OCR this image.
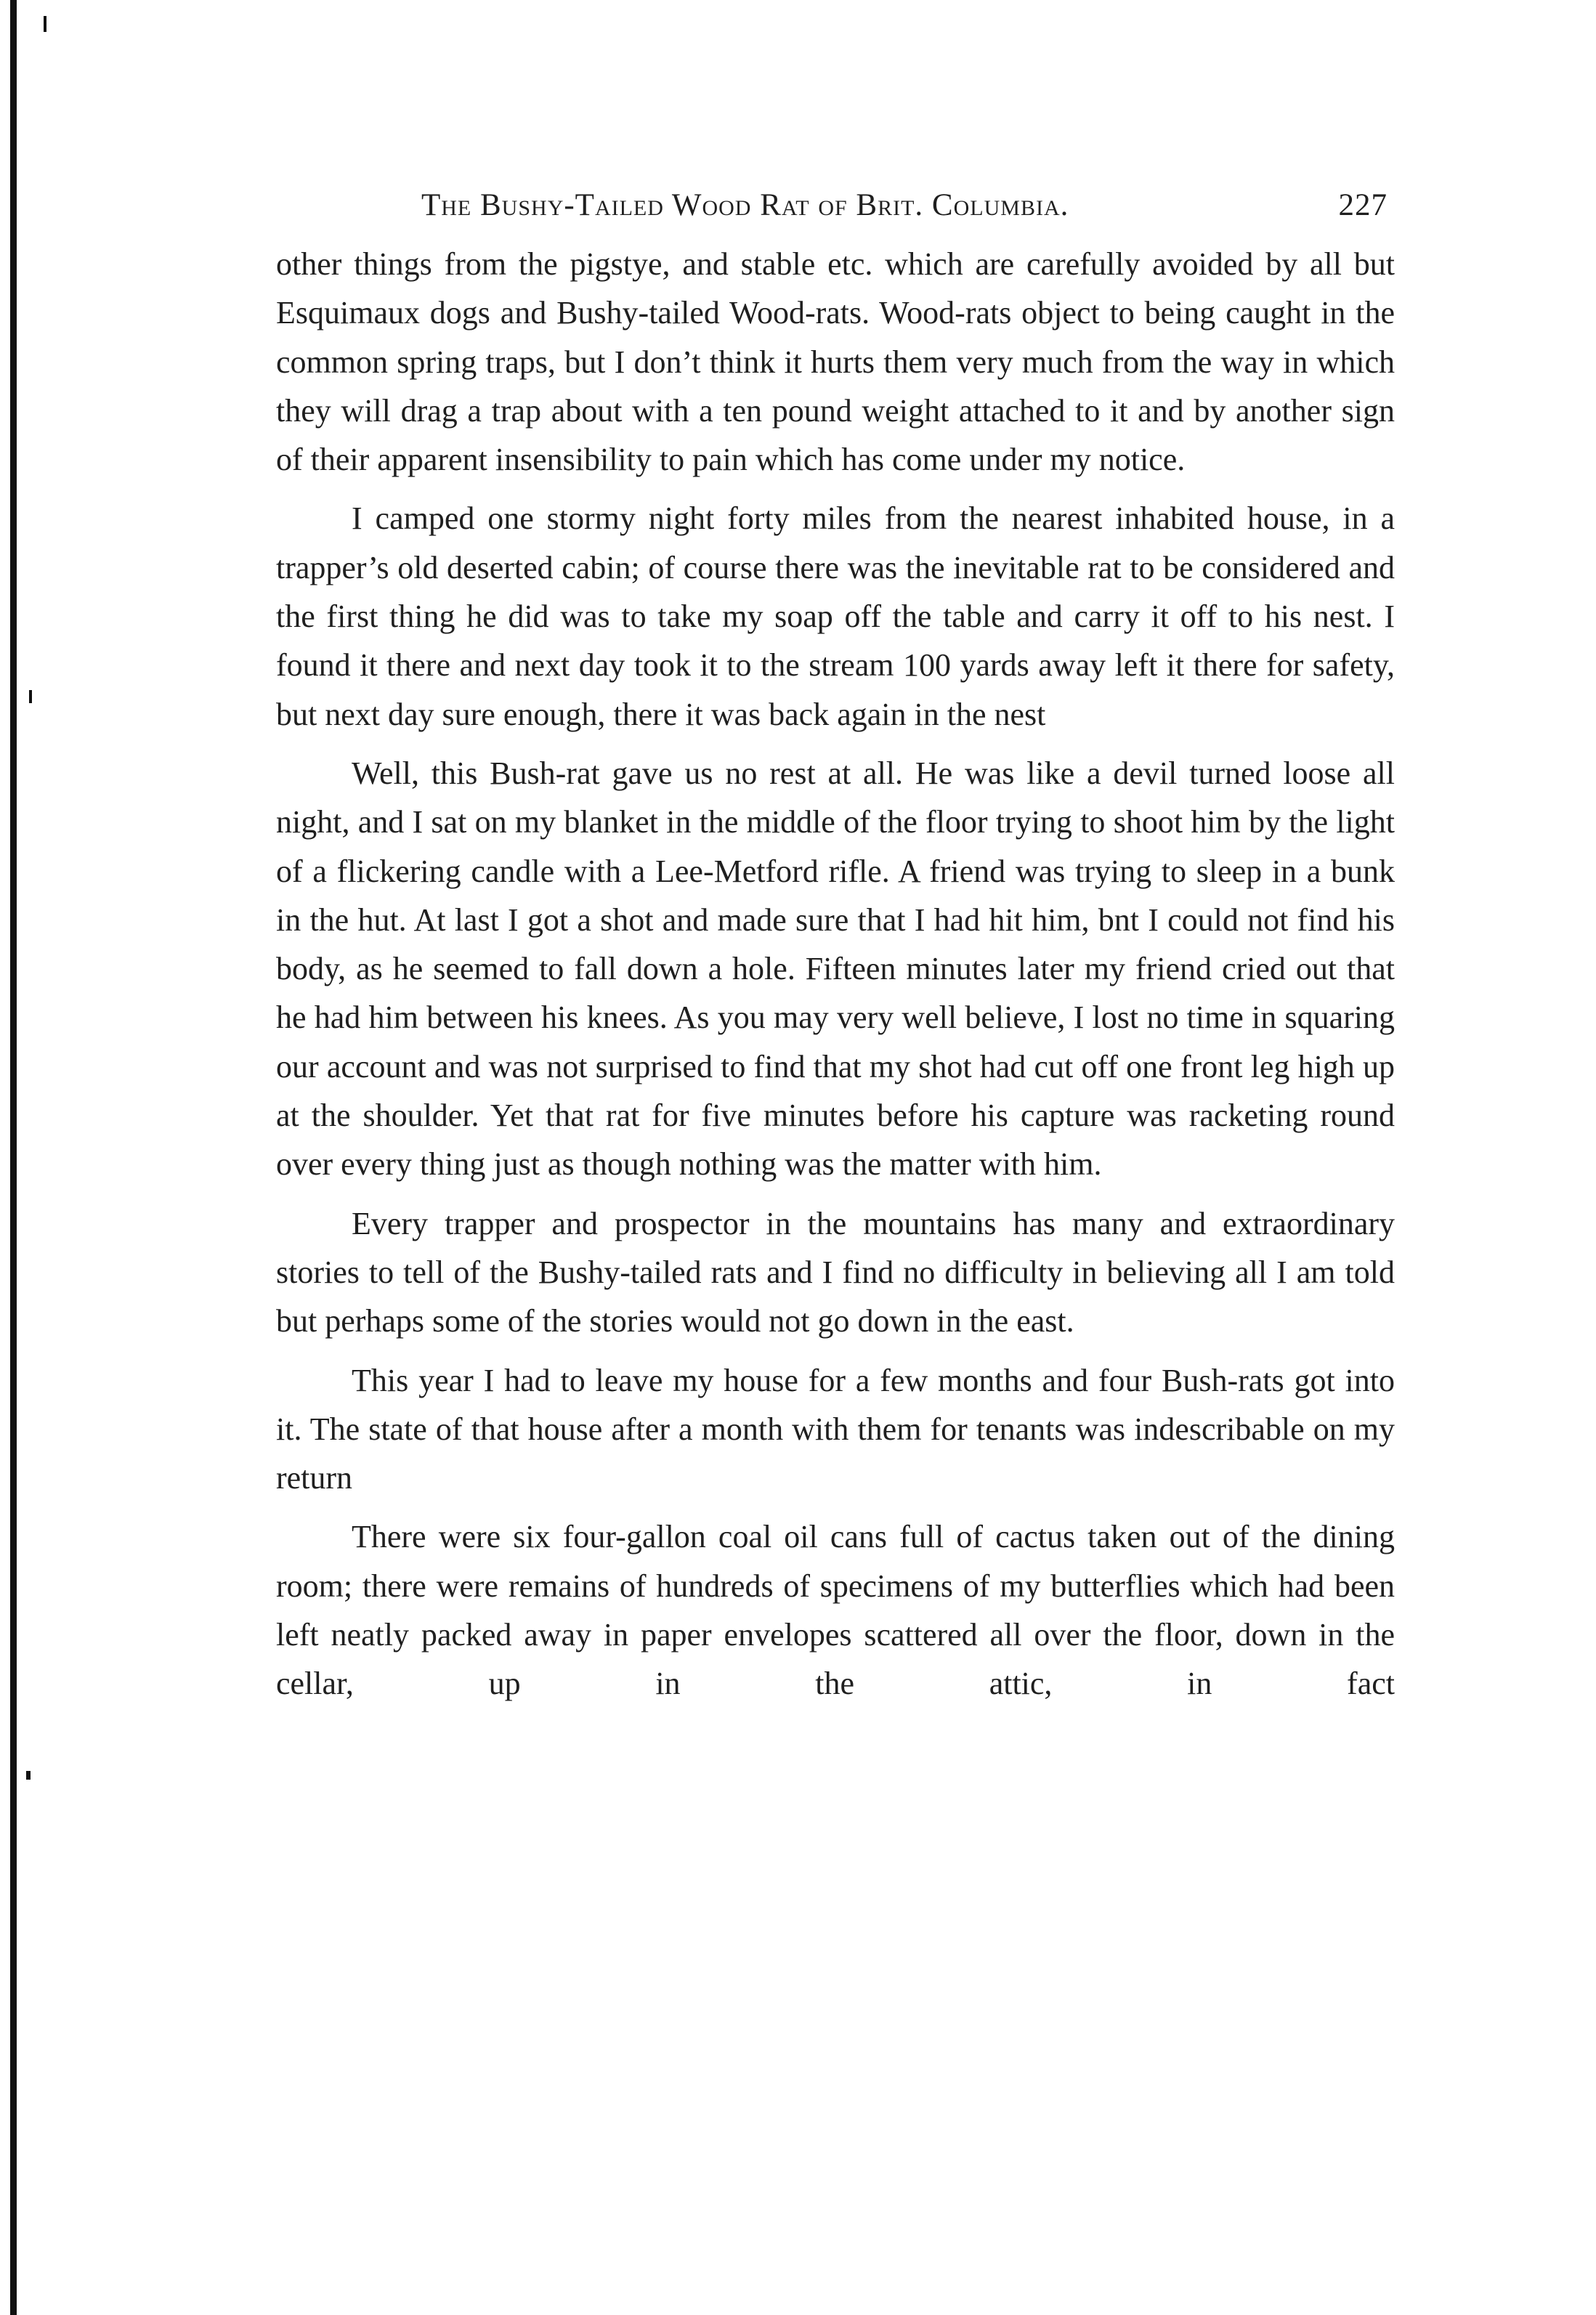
The Bushy-Tailed Wood Rat of Brit. Columbia.	227

other things from the pigstye, and stable etc. which are carefully avoided by all but Esquimaux dogs and Bushy-tailed Wood-rats. Wood-rats object to being caught in the common spring traps, but I don’t think it hurts them very much from the way in which they will drag a trap about with a ten pound weight attached to it and by another sign of their apparent insensibility to pain which has come under my notice.

I camped one stormy night forty miles from the nearest inhabited house, in a trapper’s old deserted cabin; of course there was the inevitable rat to be considered and the first thing he did was to take my soap off the table and carry it off to his nest. I found it there and next day took it to the stream 100 yards away left it there for safety, but next day sure enough, there it was back again in the nest

Well, this Bush-rat gave us no rest at all. He was like a devil turned loose all night, and I sat on my blanket in the middle of the floor trying to shoot him by the light of a flickering candle with a Lee-Metford rifle. A friend was trying to sleep in a bunk in the hut. At last I got a shot and made sure that I had hit him, bnt I could not find his body, as he seemed to fall down a hole. Fifteen minutes later my friend cried out that he had him between his knees. As you may very well believe, I lost no time in squaring our account and was not surprised to find that my shot had cut off one front leg high up at the shoulder. Yet that rat for five minutes before his capture was racketing round over every thing just as though nothing was the matter with him.

Every trapper and prospector in the mountains has many and extraordinary stories to tell of the Bushy-tailed rats and I find no difficulty in believing all I am told but perhaps some of the stories would not go down in the east.

This year I had to leave my house for a few months and four Bush-rats got into it. The state of that house after a month with them for tenants was indescribable on my return

There were six four-gallon coal oil cans full of cactus taken out of the dining room; there were remains of hundreds of specimens of my butterflies which had been left neatly packed away in paper envelopes scattered all over the floor, down in the cellar, up in the attic, in fact
